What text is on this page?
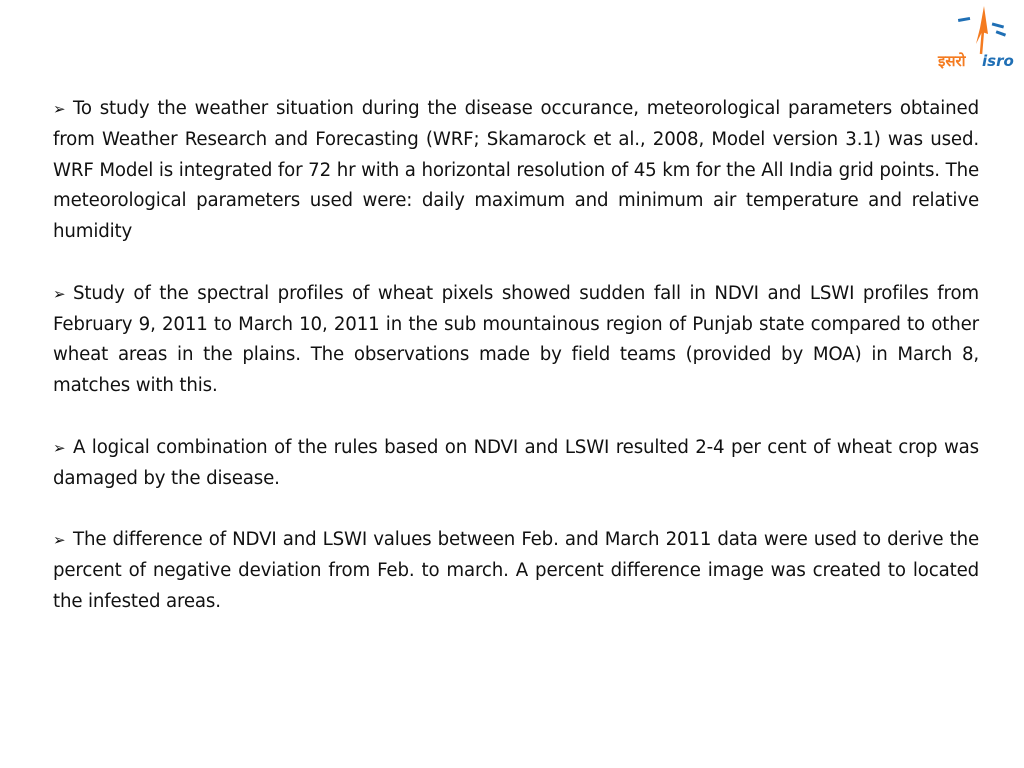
इसरो isro

➢ To study the weather situation during the disease occurance, meteorological parameters obtained from Weather Research and Forecasting (WRF; Skamarock et al., 2008, Model version 3.1) was used. WRF Model is integrated for 72 hr with a horizontal resolution of 45 km for the All India grid points. The meteorological parameters used were: daily maximum and minimum air temperature and relative humidity

➢ Study of the spectral profiles of wheat pixels showed sudden fall in NDVI and LSWI profiles from February 9, 2011 to March 10, 2011 in the sub mountainous region of Punjab state compared to other wheat areas in the plains. The observations made by field teams (provided by MOA) in March 8, matches with this.

➢ A logical combination of the rules based on NDVI and LSWI resulted 2-4 per cent of wheat crop was damaged by the disease.

➢ The difference of NDVI and LSWI values between Feb. and March 2011 data were used to derive the percent of negative deviation from Feb. to march. A percent difference image was created to located the infested areas.
